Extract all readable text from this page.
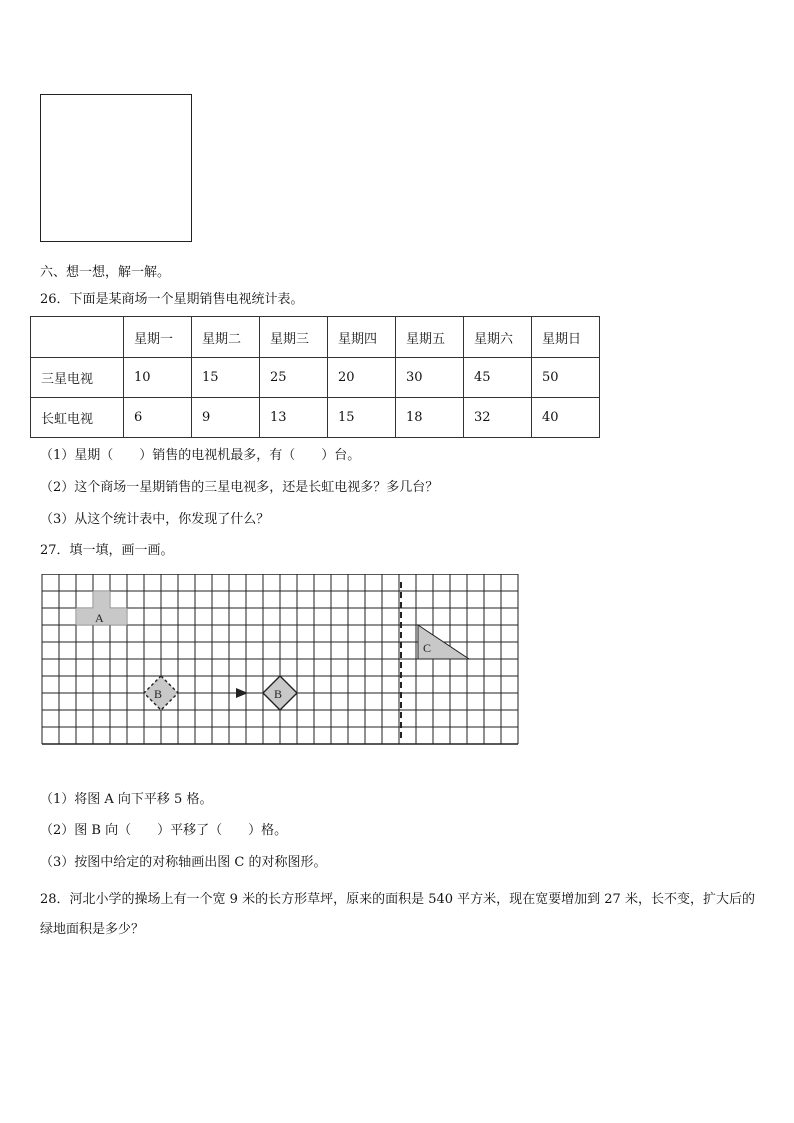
六、想一想，解一解。
26．下面是某商场一个星期销售电视统计表。
	星期一	星期二	星期三	星期四	星期五	星期六	星期日
三星电视	10	15	25	20	30	45	50
长虹电视	6	9	13	15	18	32	40
（1）星期（　　）销售的电视机最多，有（　　）台。
（2）这个商场一星期销售的三星电视多，还是长虹电视多？多几台？
（3）从这个统计表中，你发现了什么？
27．填一填，画一画。
A
B	B
C
（1）将图 A 向下平移 5 格。
（2）图 B 向（　　）平移了（　　）格。
（3）按图中给定的对称轴画出图 C 的对称图形。
28．河北小学的操场上有一个宽 9 米的长方形草坪，原来的面积是 540 平方米，现在宽要增加到 27 米，长不变，扩大后的绿地面积是多少？
